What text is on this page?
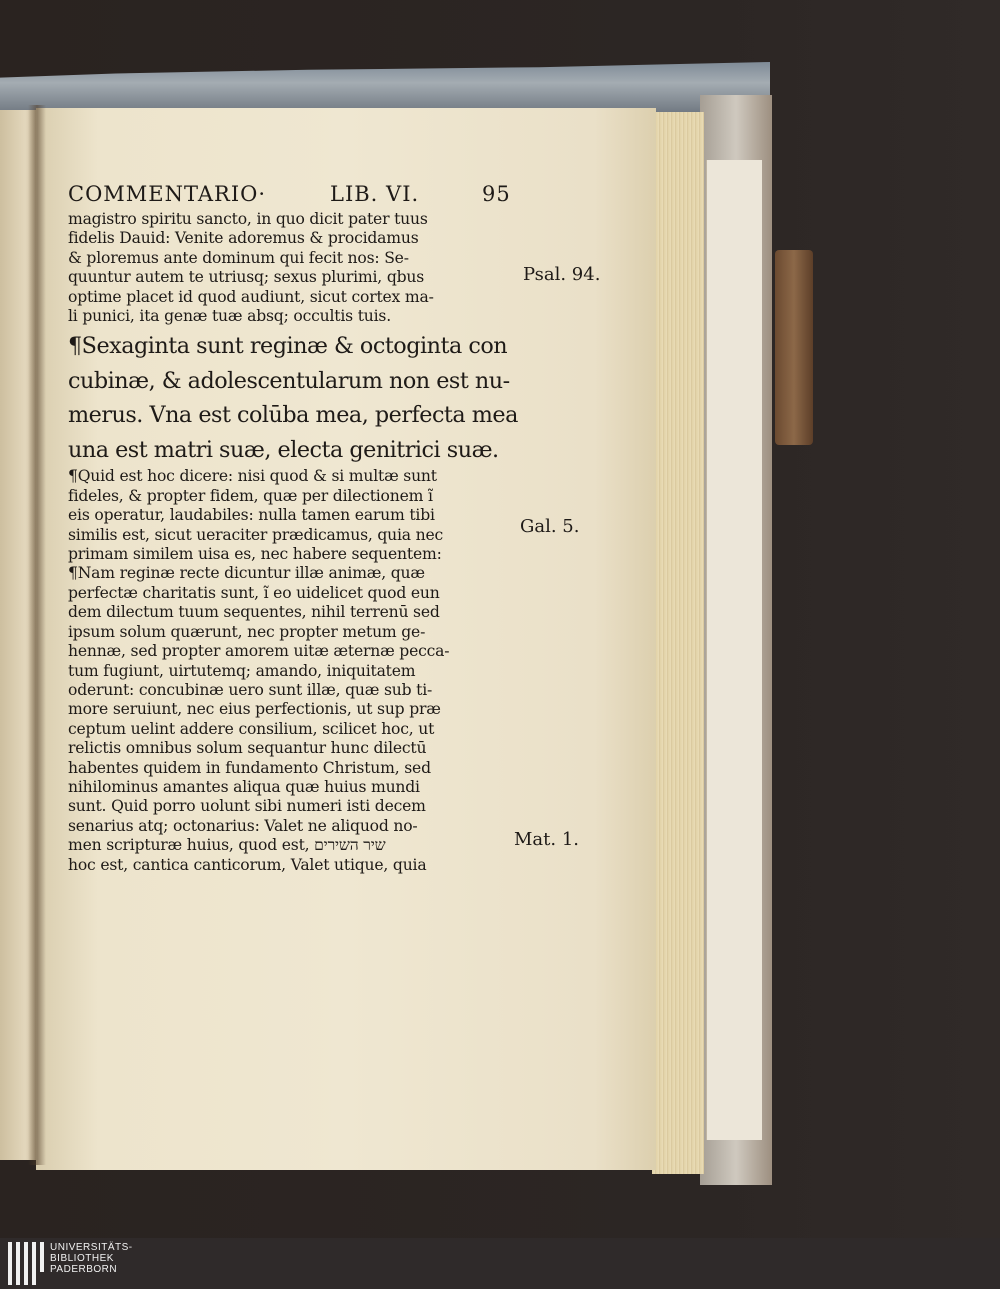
COMMENTARIO·	LIB. VI.	95
magistro spiritu sancto, in quo dicit pater tuus
fidelis Dauid: Venite adoremus & procidamus
& ploremus ante dominum qui fecit nos: Se-
quuntur autem te utriusq; sexus plurimi, qbus
optime placet id quod audiunt, sicut cortex ma-
li punici, ita genæ tuæ absq; occultis tuis.
¶Sexaginta sunt reginæ & octoginta con
cubinæ, & adolescentularum non est nu-
merus. Vna est colūba mea, perfecta mea
una est matri suæ, electa genitrici suæ.
¶Quid est hoc dicere: nisi quod & si multæ sunt
fideles, & propter fidem, quæ per dilectionem ĩ
eis operatur, laudabiles: nulla tamen earum tibi
similis est, sicut ueraciter prædicamus, quia nec
primam similem uisa es, nec habere sequentem:
¶Nam reginæ recte dicuntur illæ animæ, quæ
perfectæ charitatis sunt, ĩ eo uidelicet quod eun
dem dilectum tuum sequentes, nihil terrenū sed
ipsum solum quærunt, nec propter metum ge-
hennæ, sed propter amorem uitæ æternæ pecca-
tum fugiunt, uirtutemq; amando, iniquitatem
oderunt: concubinæ uero sunt illæ, quæ sub ti-
more seruiunt, nec eius perfectionis, ut sup præ
ceptum uelint addere consilium, scilicet hoc, ut
relictis omnibus solum sequantur hunc dilectū
habentes quidem in fundamento Christum, sed
nihilominus amantes aliqua quæ huius mundi
sunt. Quid porro uolunt sibi numeri isti decem
senarius atq; octonarius: Valet ne aliquod no-
men scripturæ huius, quod est, שיר השירים
hoc est, cantica canticorum, Valet utique, quia
Psal. 94.
Gal. 5.
Mat. 1.
UNIVERSITÄTS-
BIBLIOTHEK
PADERBORN
